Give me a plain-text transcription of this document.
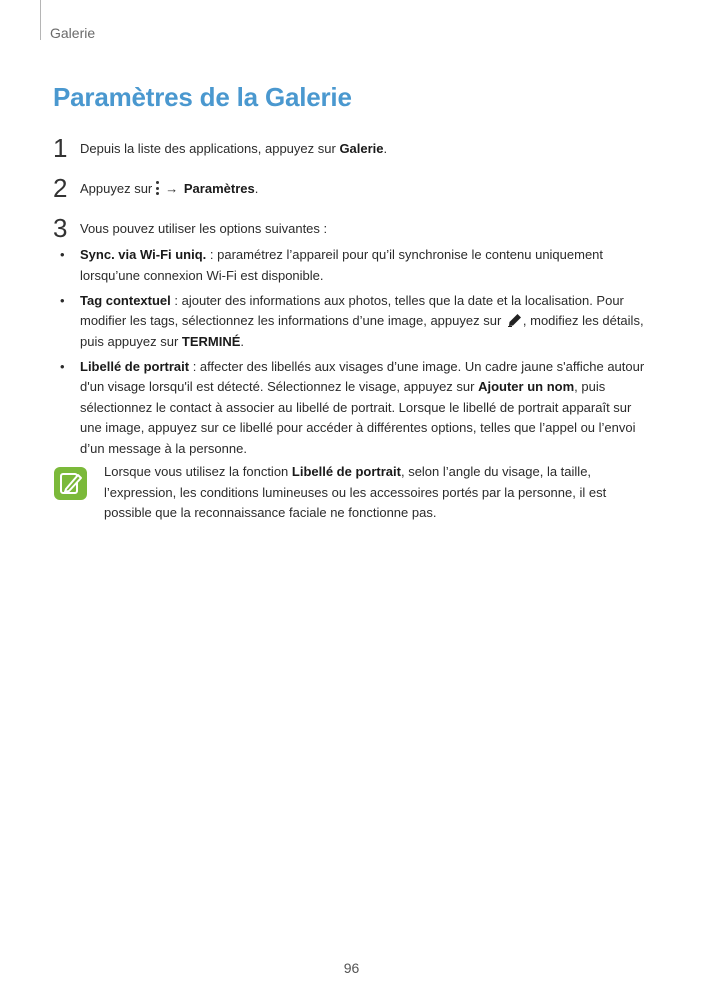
Galerie
Paramètres de la Galerie
1 Depuis la liste des applications, appuyez sur Galerie.
2 Appuyez sur → Paramètres.
3 Vous pouvez utiliser les options suivantes :
• Sync. via Wi-Fi uniq. : paramétrez l’appareil pour qu’il synchronise le contenu uniquement lorsqu’une connexion Wi-Fi est disponible.
• Tag contextuel : ajouter des informations aux photos, telles que la date et la localisation. Pour modifier les tags, sélectionnez les informations d’une image, appuyez sur , modifiez les détails, puis appuyez sur TERMINÉ.
• Libellé de portrait : affecter des libellés aux visages d’une image. Un cadre jaune s'affiche autour d'un visage lorsqu'il est détecté. Sélectionnez le visage, appuyez sur Ajouter un nom, puis sélectionnez le contact à associer au libellé de portrait. Lorsque le libellé de portrait apparaît sur une image, appuyez sur ce libellé pour accéder à différentes options, telles que l’appel ou l’envoi d’un message à la personne.
Lorsque vous utilisez la fonction Libellé de portrait, selon l’angle du visage, la taille, l’expression, les conditions lumineuses ou les accessoires portés par la personne, il est possible que la reconnaissance faciale ne fonctionne pas.
96
